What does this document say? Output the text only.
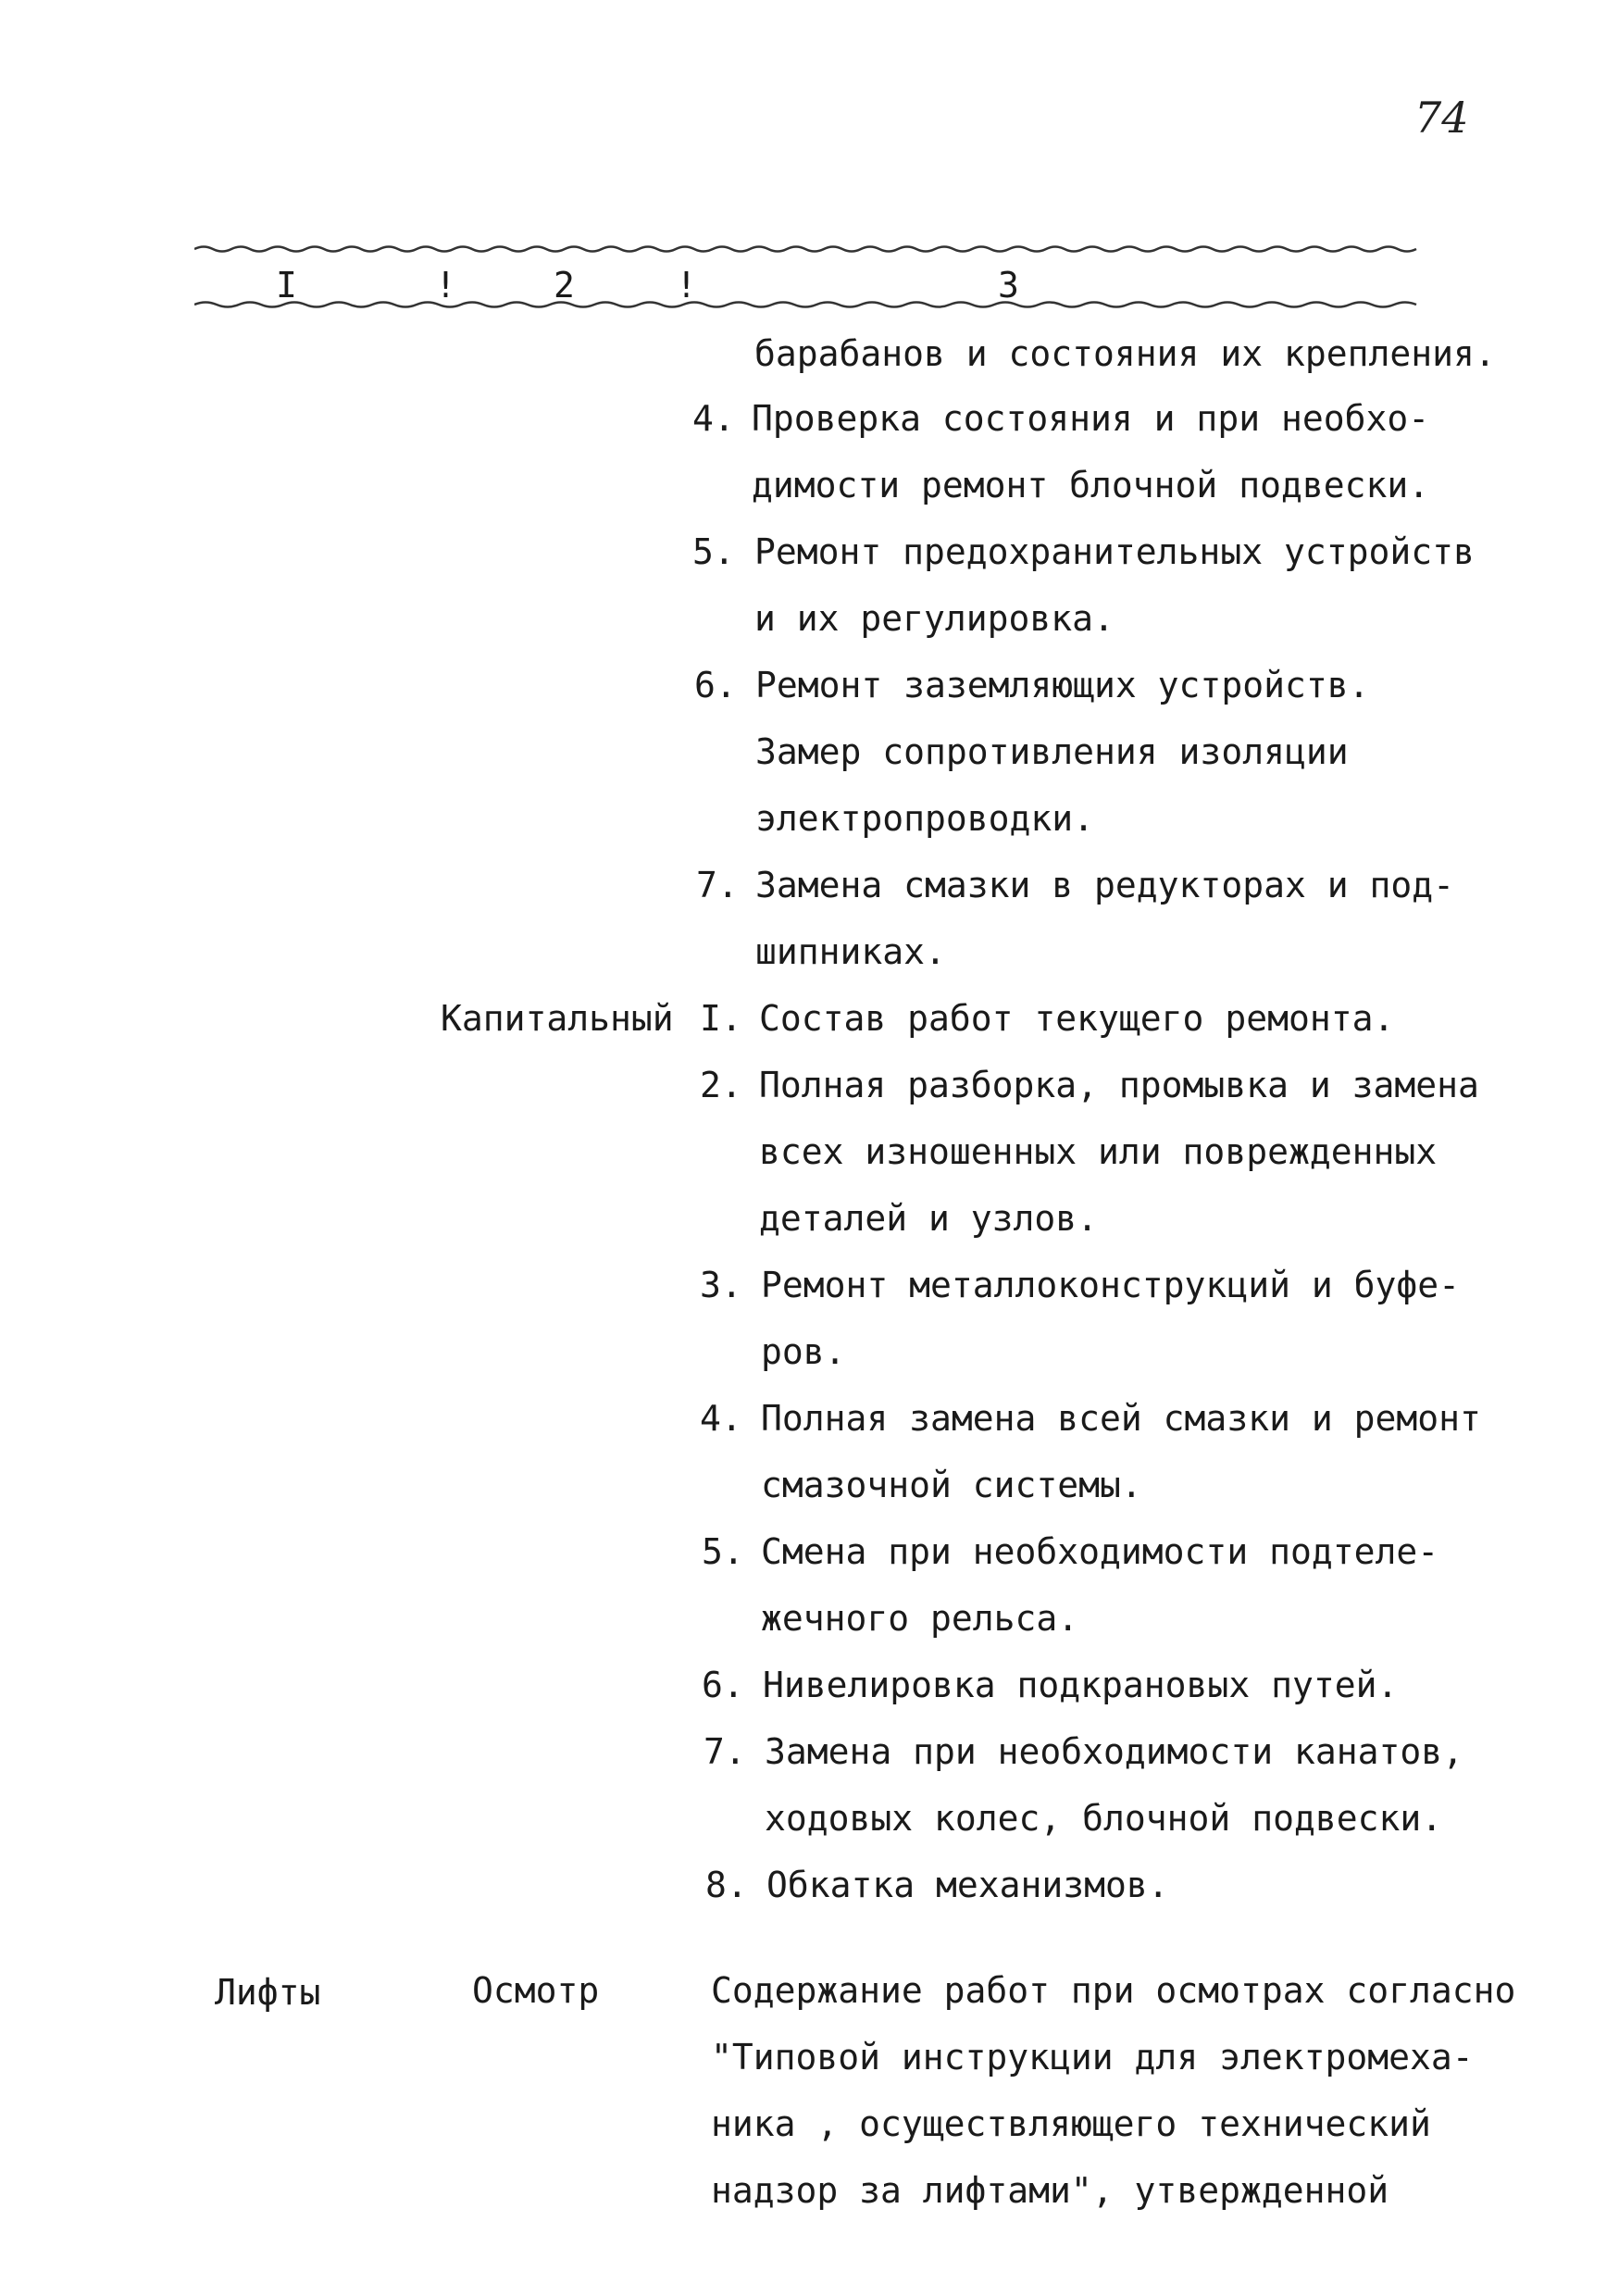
74
I	!	2	!	3
барабанов и состояния их крепления.
4. Проверка состояния и при необхо-
димости ремонт блочной подвески.
5. Ремонт предохранительных устройств
и их регулировка.
6. Ремонт заземляющих устройств.
Замер сопротивления изоляции
электропроводки.
7. Замена смазки в редукторах и под-
шипниках.
Капитальный I. Состав работ текущего ремонта.
2. Полная разборка, промывка и замена
всех изношенных или поврежденных
деталей и узлов.
3. Ремонт металлоконструкций и буфе-
ров.
4. Полная замена всей смазки и ремонт
смазочной системы.
5. Смена при необходимости подтеле-
жечного рельса.
6. Нивелировка подкрановых путей.
7. Замена при необходимости канатов,
ходовых колес, блочной подвески.
8. Обкатка механизмов.
Лифты	Осмотр	Содержание работ при осмотрах согласно
"Типовой инструкции для электромеха-
ника , осуществляющего технический
надзор за лифтами", утвержденной
